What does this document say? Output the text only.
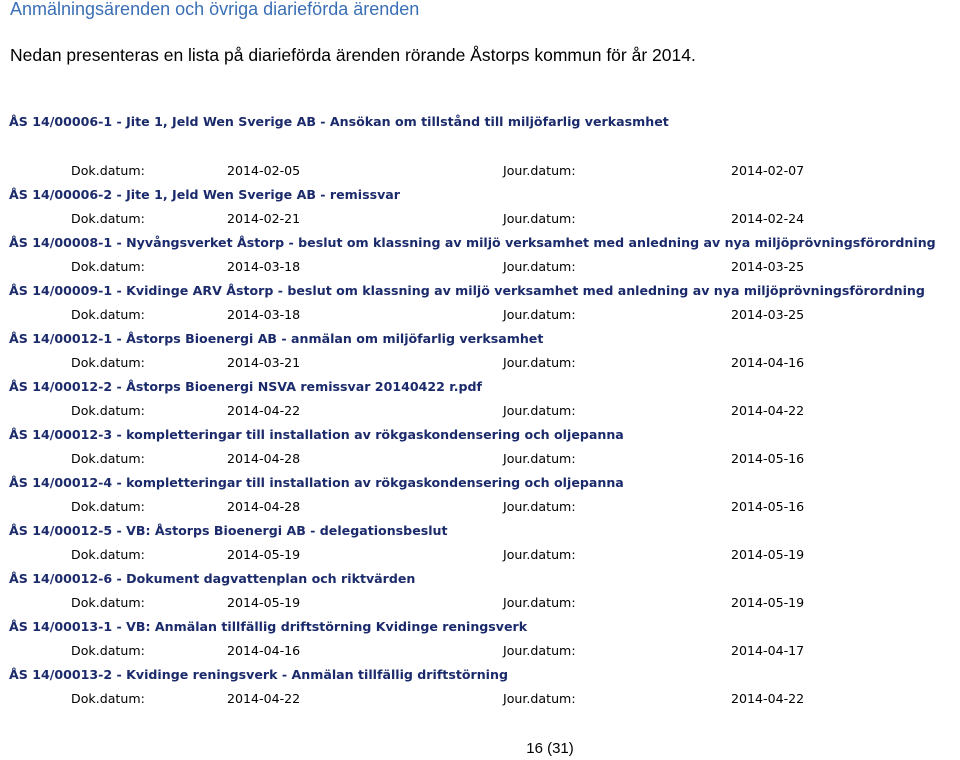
Anmälningsärenden och övriga diarieförda ärenden

Nedan presenteras en lista på diarieförda ärenden rörande Åstorps kommun för år 2014.

ÅS 14/00006-1 - Jite 1, Jeld Wen Sverige AB - Ansökan om tillstånd till miljöfarlig verkasmhet
Dok.datum:	2014-02-05	Jour.datum:	2014-02-07
ÅS 14/00006-2 - Jite 1, Jeld Wen Sverige AB - remissvar
Dok.datum:	2014-02-21	Jour.datum:	2014-02-24
ÅS 14/00008-1 - Nyvångsverket Åstorp - beslut om klassning av miljö verksamhet med anledning av nya miljöprövningsförordning
Dok.datum:	2014-03-18	Jour.datum:	2014-03-25
ÅS 14/00009-1 - Kvidinge ARV Åstorp - beslut om klassning av miljö verksamhet med anledning av nya miljöprövningsförordning
Dok.datum:	2014-03-18	Jour.datum:	2014-03-25
ÅS 14/00012-1 - Åstorps Bioenergi AB - anmälan om miljöfarlig verksamhet
Dok.datum:	2014-03-21	Jour.datum:	2014-04-16
ÅS 14/00012-2 - Åstorps Bioenergi NSVA remissvar 20140422 r.pdf
Dok.datum:	2014-04-22	Jour.datum:	2014-04-22
ÅS 14/00012-3 - kompletteringar till installation av rökgaskondensering och oljepanna
Dok.datum:	2014-04-28	Jour.datum:	2014-05-16
ÅS 14/00012-4 - kompletteringar till installation av rökgaskondensering och oljepanna
Dok.datum:	2014-04-28	Jour.datum:	2014-05-16
ÅS 14/00012-5 - VB: Åstorps Bioenergi AB - delegationsbeslut
Dok.datum:	2014-05-19	Jour.datum:	2014-05-19
ÅS 14/00012-6 - Dokument dagvattenplan och riktvärden
Dok.datum:	2014-05-19	Jour.datum:	2014-05-19
ÅS 14/00013-1 - VB: Anmälan tillfällig driftstörning Kvidinge reningsverk
Dok.datum:	2014-04-16	Jour.datum:	2014-04-17
ÅS 14/00013-2 - Kvidinge reningsverk - Anmälan tillfällig driftstörning
Dok.datum:	2014-04-22	Jour.datum:	2014-04-22
16 (31)
